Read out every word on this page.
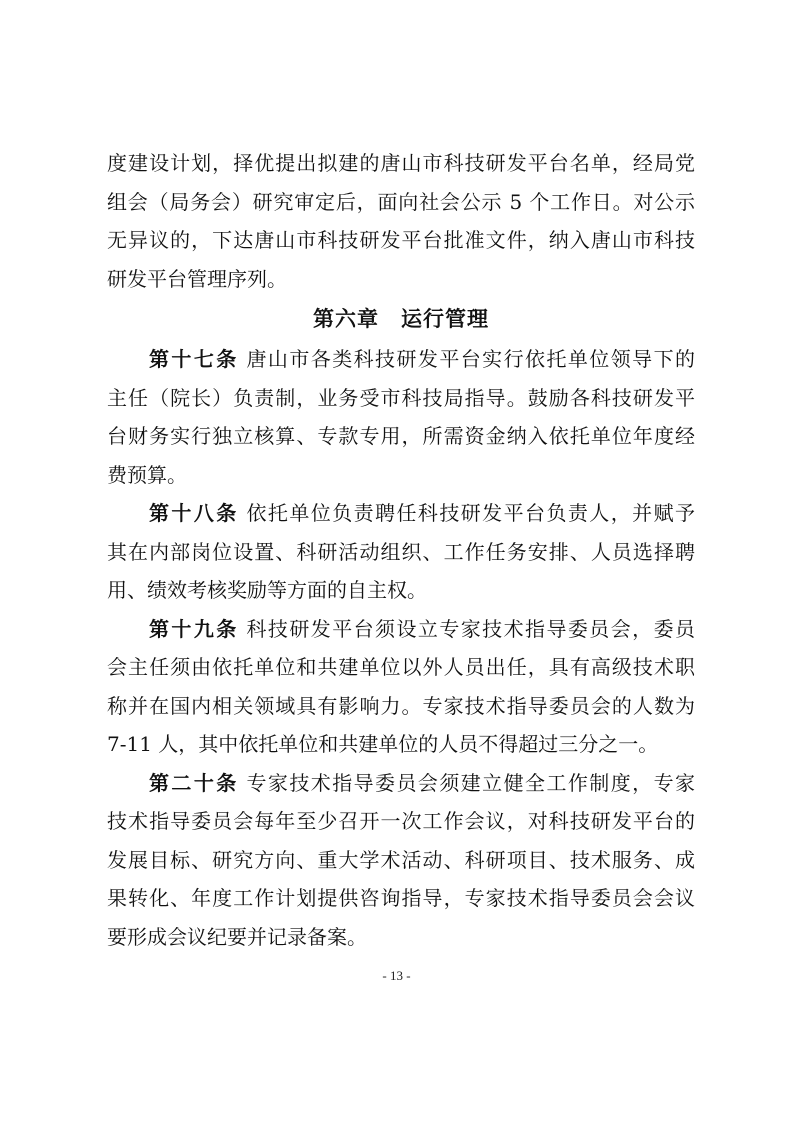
度建设计划，择优提出拟建的唐山市科技研发平台名单，经局党
组会（局务会）研究审定后，面向社会公示 5 个工作日。对公示
无异议的，下达唐山市科技研发平台批准文件，纳入唐山市科技
研发平台管理序列。
第六章 运行管理
第十七条 唐山市各类科技研发平台实行依托单位领导下的
主任（院长）负责制，业务受市科技局指导。鼓励各科技研发平
台财务实行独立核算、专款专用，所需资金纳入依托单位年度经
费预算。
第十八条 依托单位负责聘任科技研发平台负责人，并赋予
其在内部岗位设置、科研活动组织、工作任务安排、人员选择聘
用、绩效考核奖励等方面的自主权。
第十九条 科技研发平台须设立专家技术指导委员会，委员
会主任须由依托单位和共建单位以外人员出任，具有高级技术职
称并在国内相关领域具有影响力。专家技术指导委员会的人数为
7-11 人，其中依托单位和共建单位的人员不得超过三分之一。
第二十条 专家技术指导委员会须建立健全工作制度，专家
技术指导委员会每年至少召开一次工作会议，对科技研发平台的
发展目标、研究方向、重大学术活动、科研项目、技术服务、成
果转化、年度工作计划提供咨询指导，专家技术指导委员会会议
要形成会议纪要并记录备案。
- 13 -
